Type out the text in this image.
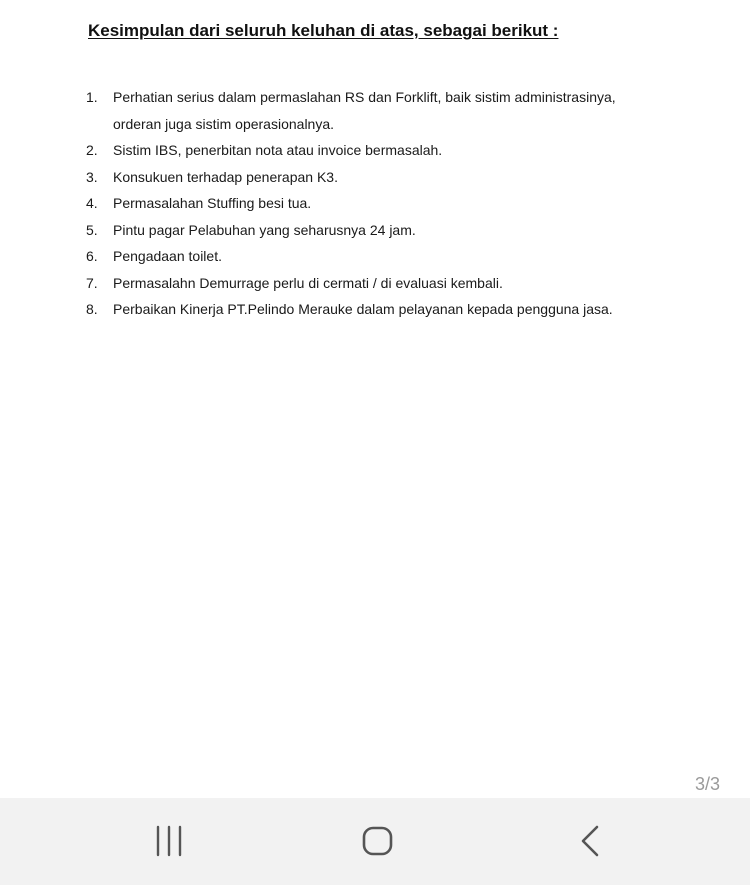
Kesimpulan dari seluruh keluhan di atas, sebagai berikut :
1. Perhatian serius dalam permaslahan RS dan Forklift, baik sistim administrasinya,
orderan juga sistim operasionalnya.
2. Sistim IBS, penerbitan nota atau invoice bermasalah.
3. Konsukuen terhadap penerapan K3.
4. Permasalahan Stuffing besi tua.
5. Pintu pagar Pelabuhan yang seharusnya 24 jam.
6. Pengadaan toilet.
7. Permasalahn Demurrage perlu di cermati / di evaluasi kembali.
8. Perbaikan Kinerja PT.Pelindo Merauke dalam pelayanan kepada pengguna jasa.
3/3
